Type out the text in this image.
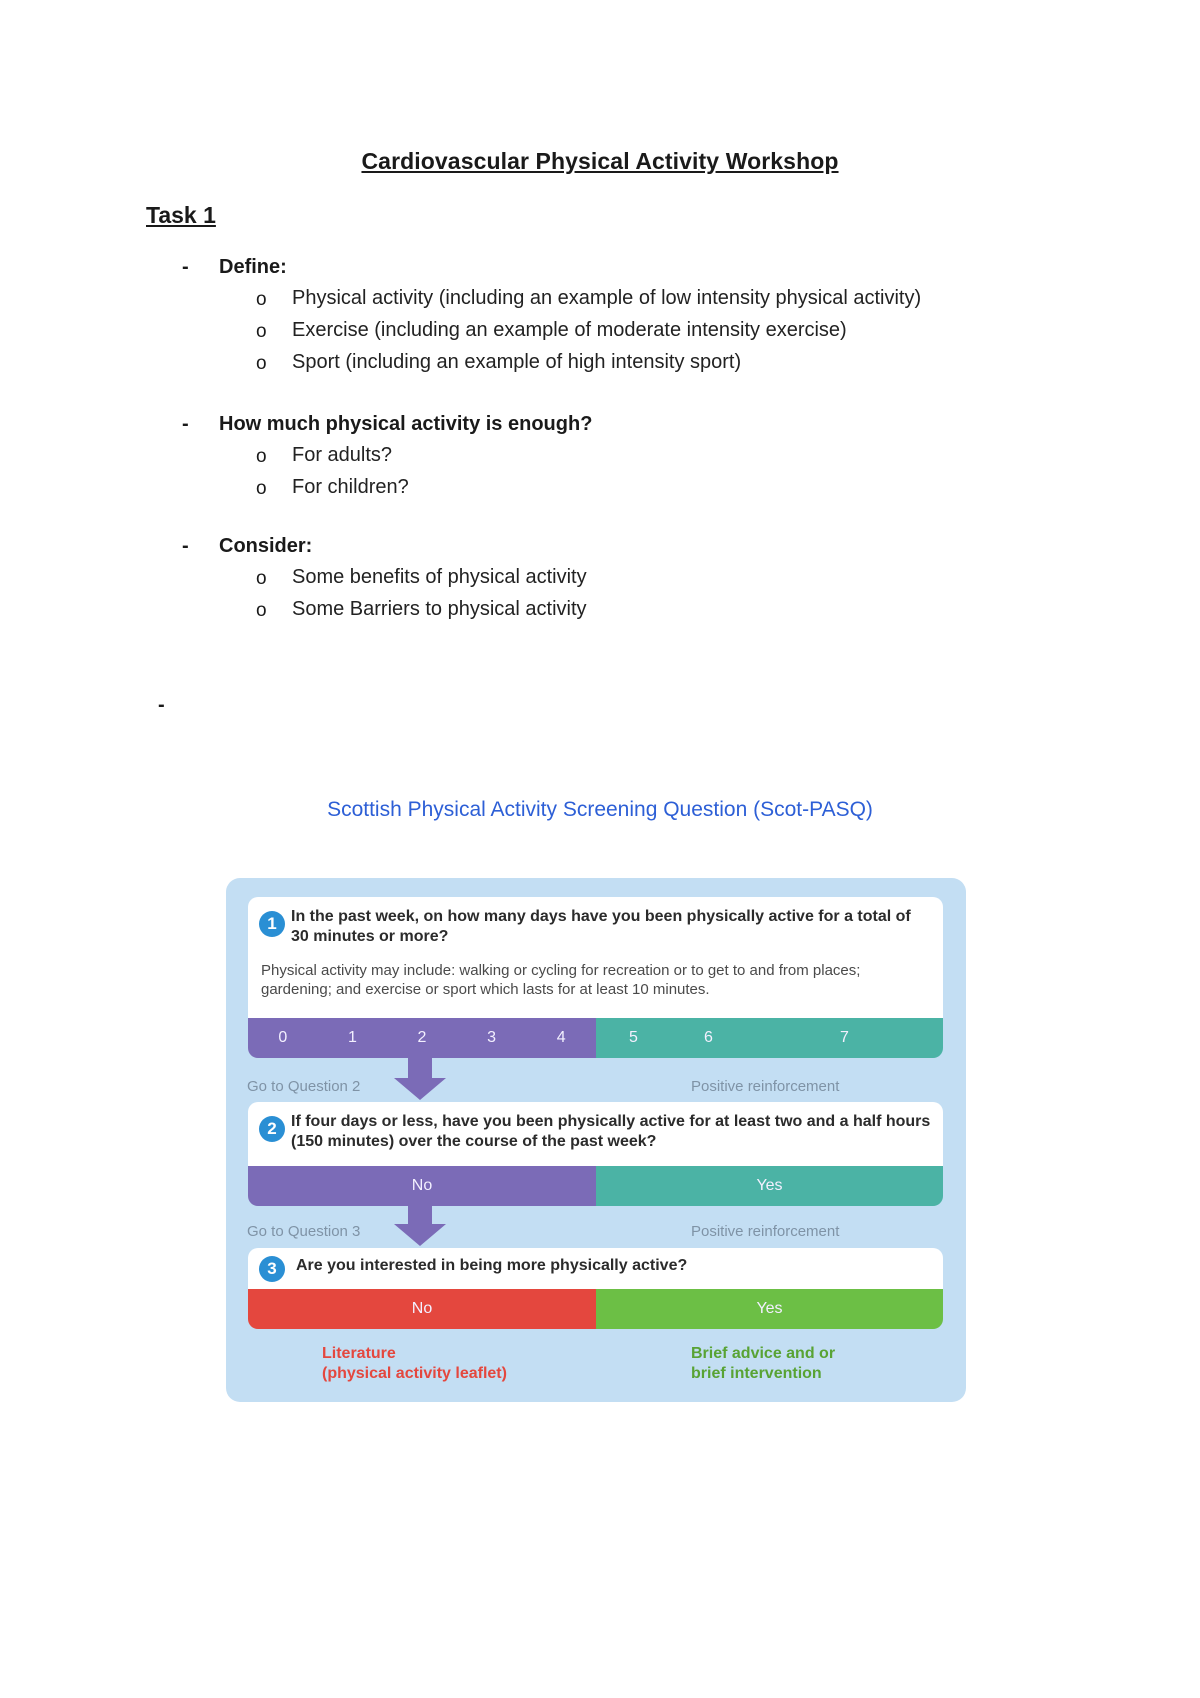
Cardiovascular Physical Activity Workshop
Task 1
- Define:
o Physical activity (including an example of low intensity physical activity)
o Exercise (including an example of moderate intensity exercise)
o Sport (including an example of high intensity sport)
- How much physical activity is enough?
o For adults?
o For children?
- Consider:
o Some benefits of physical activity
o Some Barriers to physical activity
-
Scottish Physical Activity Screening Question (Scot-PASQ)
1 In the past week, on how many days have you been physically active for a total of 30 minutes or more?
Physical activity may include: walking or cycling for recreation or to get to and from places; gardening; and exercise or sport which lasts for at least 10 minutes.
0	1	2	3	4	5	6	7
Go to Question 2	Positive reinforcement
2 If four days or less, have you been physically active for at least two and a half hours (150 minutes) over the course of the past week?
No	Yes
Go to Question 3	Positive reinforcement
3	Are you interested in being more physically active?
No	Yes
Literature
(physical activity leaflet)
Brief advice and or
brief intervention
